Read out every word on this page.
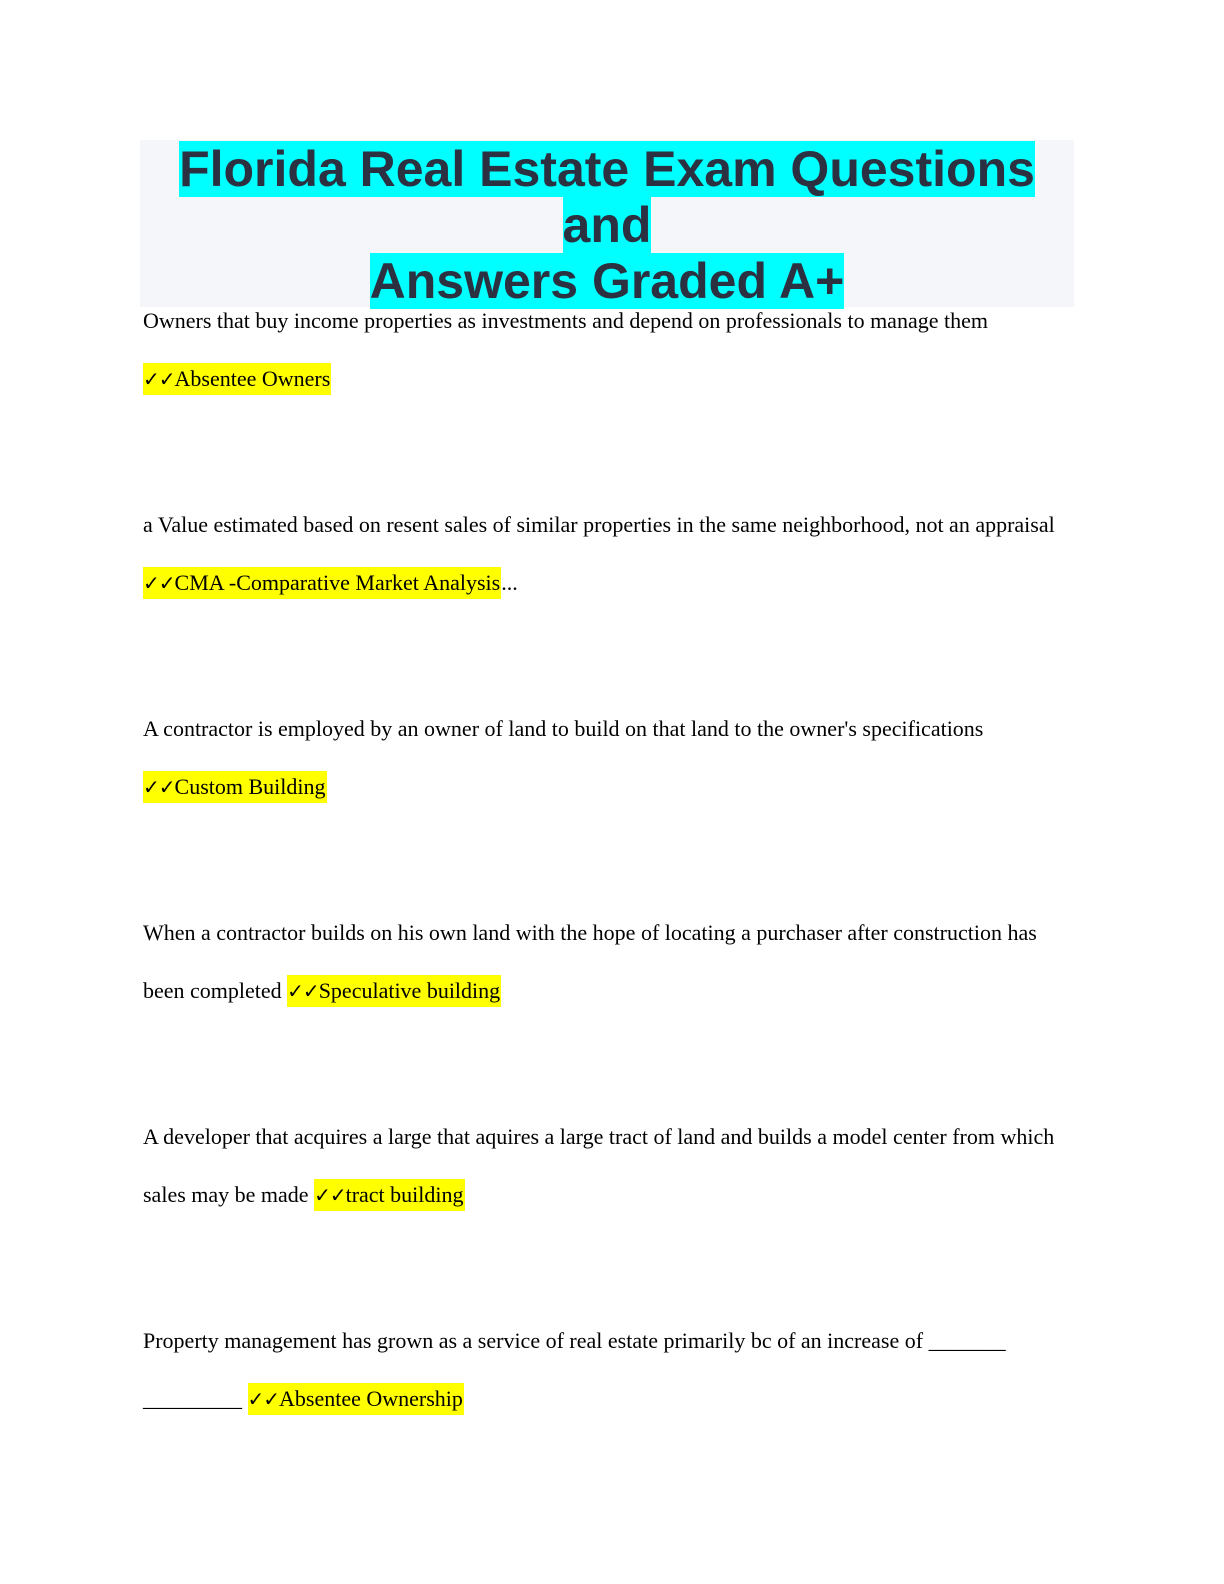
Florida Real Estate Exam Questions and
Answers Graded A+

Owners that buy income properties as investments and depend on professionals to manage them
✓✓Absentee Owners

a Value estimated based on resent sales of similar properties in the same neighborhood, not an appraisal ✓✓CMA -Comparative Market Analysis...

A contractor is employed by an owner of land to build on that land to the owner's specifications
✓✓Custom Building

When a contractor builds on his own land with the hope of locating a purchaser after construction has been completed ✓✓Speculative building

A developer that acquires a large that aquires a large tract of land and builds a model center from which sales may be made ✓✓tract building

Property management has grown as a service of real estate primarily bc of an increase of _______ _________ ✓✓Absentee Ownership
